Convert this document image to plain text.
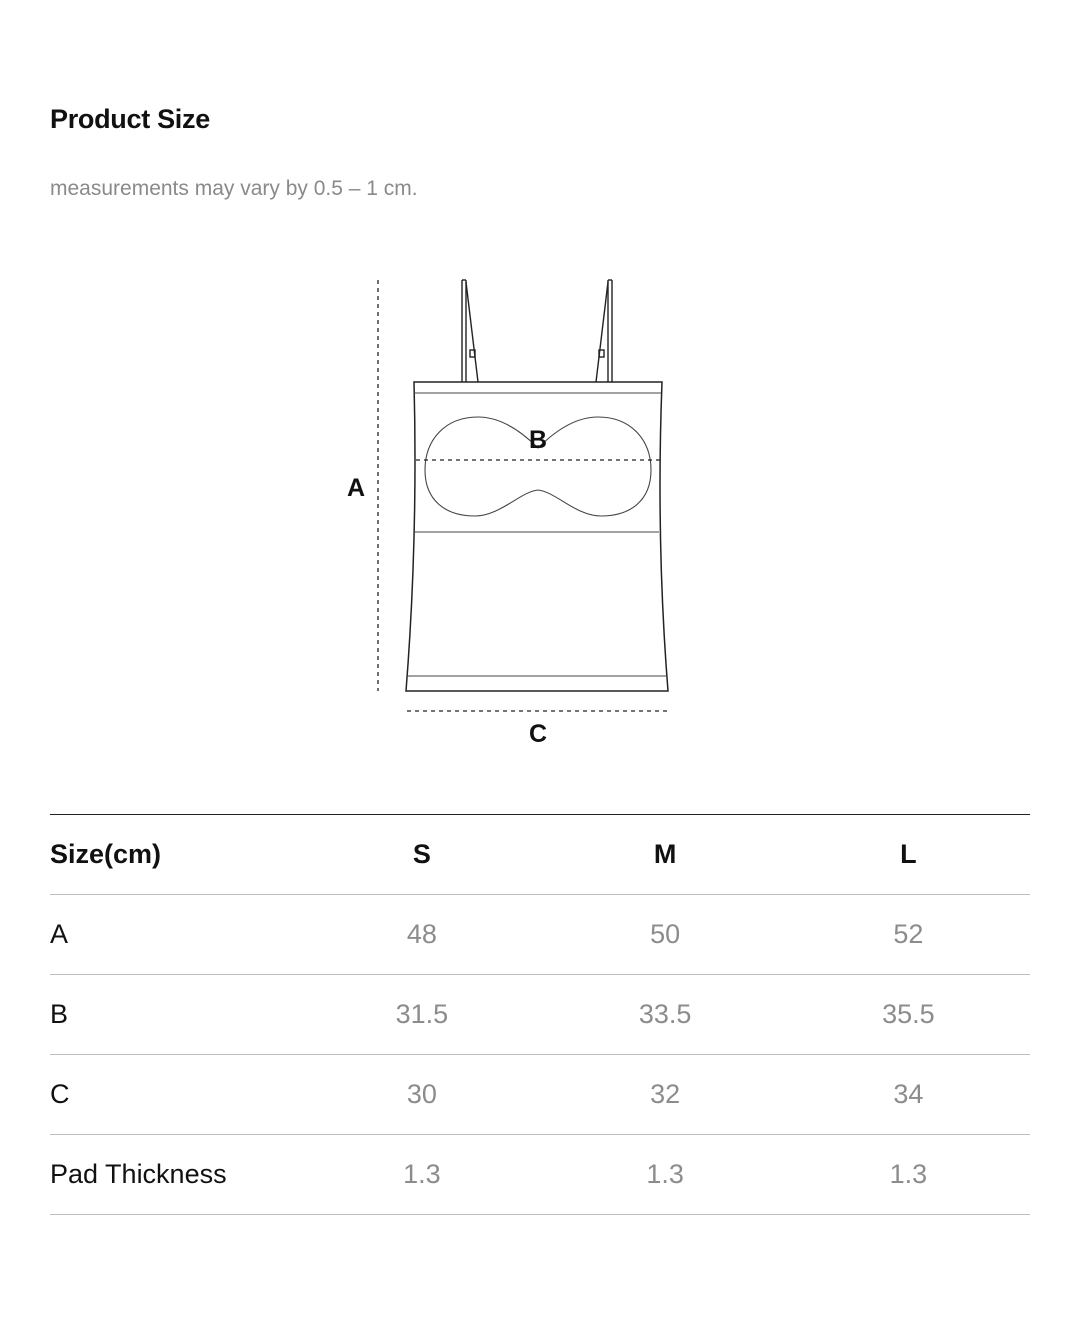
Product Size
measurements may vary by 0.5 – 1 cm.
A
B
C
Size(cm)	S	M	L
A	48	50	52
B	31.5	33.5	35.5
C	30	32	34
Pad Thickness	1.3	1.3	1.3
